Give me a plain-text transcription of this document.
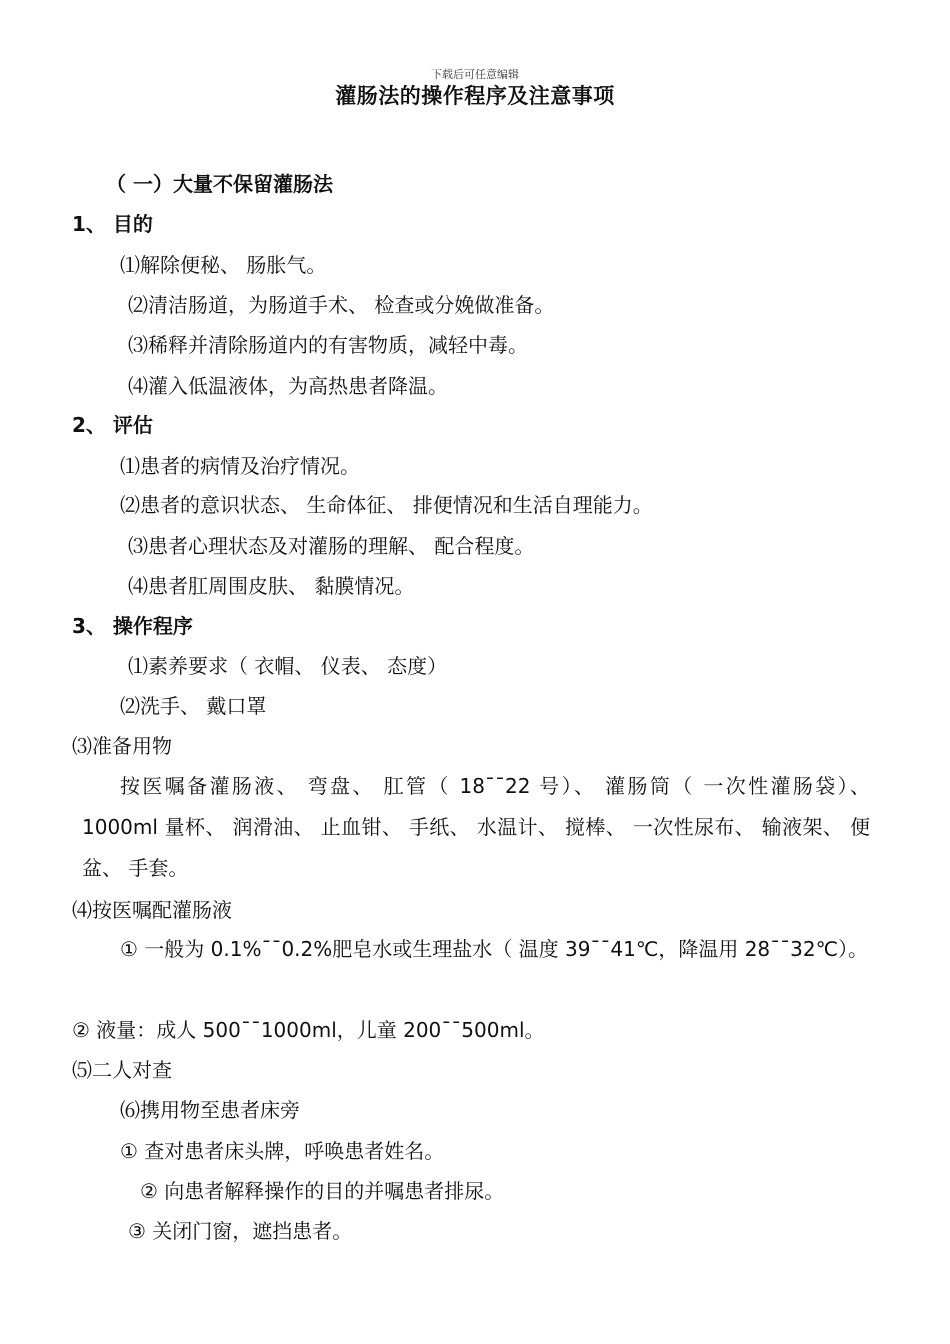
下载后可任意编辑
灌肠法的操作程序及注意事项
（ 一）大量不保留灌肠法
1、 目的
⑴解除便秘、 肠胀气。
⑵清洁肠道，为肠道手术、 检查或分娩做准备。
⑶稀释并清除肠道内的有害物质，减轻中毒。
⑷灌入低温液体，为高热患者降温。
2、 评估
⑴患者的病情及治疗情况。
⑵患者的意识状态、 生命体征、 排便情况和生活自理能力。
⑶患者心理状态及对灌肠的理解、 配合程度。
⑷患者肛周围皮肤、 黏膜情况。
3、 操作程序
⑴素养要求（ 衣帽、 仪表、 态度）
⑵洗手、 戴口罩
⑶准备用物
按医嘱备灌肠液、 弯盘、 肛管（ 18¯¯22 号）、 灌肠筒（ 一次性灌肠袋）、 1000ml 量杯、 润滑油、 止血钳、 手纸、 水温计、 搅棒、 一次性尿布、 输液架、 便盆、 手套。
⑷按医嘱配灌肠液
① 一般为 0.1%¯¯0.2%肥皂水或生理盐水（ 温度 39¯¯41℃，降温用 28¯¯32℃）。
② 液量：成人 500¯¯1000ml，儿童 200¯¯500ml。
⑸二人对查
⑹携用物至患者床旁
① 查对患者床头牌，呼唤患者姓名。
② 向患者解释操作的目的并嘱患者排尿。
③ 关闭门窗，遮挡患者。
